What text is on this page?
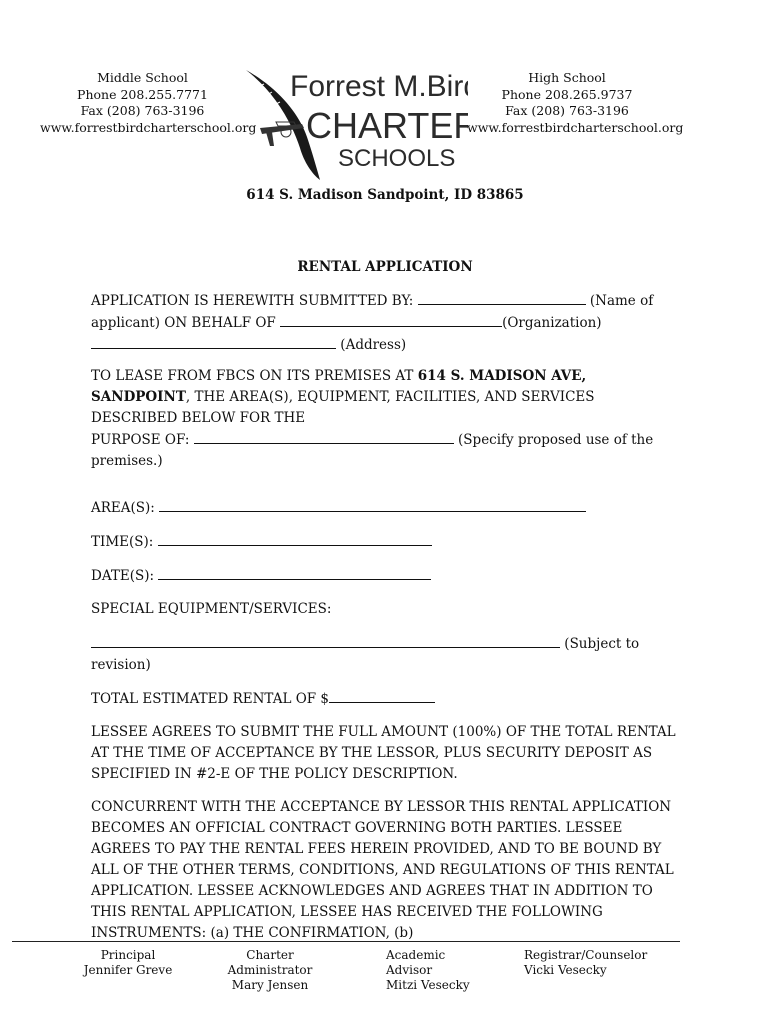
Middle School
Phone 208.255.7771
Fax (208) 763-3196
www.forrestbirdcharterschool.org
Forrest M.Bird
CHARTER
SCHOOLS
High School
Phone 208.265.9737
Fax (208) 763-3196
www.forrestbirdcharterschool.org
614 S. Madison Sandpoint, ID 83865
RENTAL APPLICATION

APPLICATION IS HEREWITH SUBMITTED BY:	(Name of

applicant) ON BEHALF OF	(Organization)

(Address)

TO LEASE FROM FBCS ON ITS PREMISES AT 614 S. MADISON AVE, SANDPOINT, THE AREA(S), EQUIPMENT, FACILITIES, AND SERVICES DESCRIBED BELOW FOR THE PURPOSE OF:	(Specify proposed use of the premises.)

AREA(S):
TIME(S):
DATE(S):
SPECIAL EQUIPMENT/SERVICES:

(Subject to

revision)

TOTAL ESTIMATED RENTAL OF $
LESSEE AGREES TO SUBMIT THE FULL AMOUNT (100%) OF THE TOTAL RENTAL AT THE TIME OF ACCEPTANCE BY THE LESSOR, PLUS SECURITY DEPOSIT AS SPECIFIED IN #2-E OF THE POLICY DESCRIPTION.
CONCURRENT WITH THE ACCEPTANCE BY LESSOR THIS RENTAL APPLICATION BECOMES AN OFFICIAL CONTRACT GOVERNING BOTH PARTIES. LESSEE AGREES TO PAY THE RENTAL FEES HEREIN PROVIDED, AND TO BE BOUND BY ALL OF THE OTHER TERMS, CONDITIONS, AND REGULATIONS OF THIS RENTAL APPLICATION. LESSEE ACKNOWLEDGES AND AGREES THAT IN ADDITION TO THIS RENTAL APPLICATION, LESSEE HAS RECEIVED THE FOLLOWING INSTRUMENTS: (a) THE CONFIRMATION, (b)
Principal
Jennifer Greve
Charter Administrator
Mary Jensen
Academic Advisor
Mitzi Vesecky
Registrar/Counselor
Vicki Vesecky
